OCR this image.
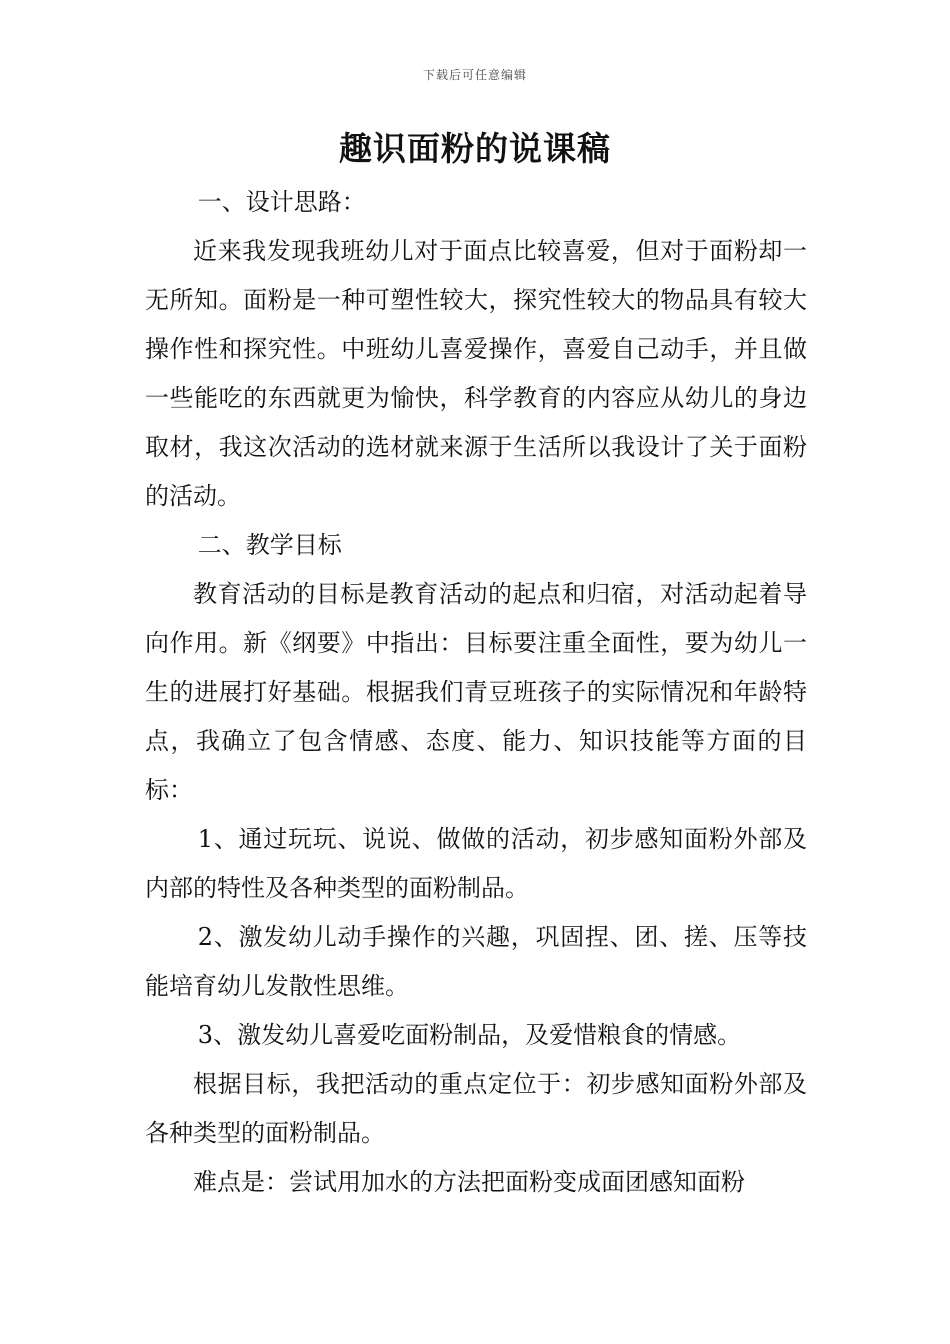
下载后可任意编辑
趣识面粉的说课稿

一、设计思路：

近来我发现我班幼儿对于面点比较喜爱，但对于面粉却一无所知。面粉是一种可塑性较大，探究性较大的物品具有较大操作性和探究性。中班幼儿喜爱操作，喜爱自己动手，并且做一些能吃的东西就更为愉快，科学教育的内容应从幼儿的身边取材，我这次活动的选材就来源于生活所以我设计了关于面粉的活动。

二、教学目标

教育活动的目标是教育活动的起点和归宿，对活动起着导向作用。新《纲要》中指出：目标要注重全面性，要为幼儿一生的进展打好基础。根据我们青豆班孩子的实际情况和年龄特点，我确立了包含情感、态度、能力、知识技能等方面的目标：

1、通过玩玩、说说、做做的活动，初步感知面粉外部及内部的特性及各种类型的面粉制品。

2、激发幼儿动手操作的兴趣，巩固捏、团、搓、压等技能培育幼儿发散性思维。

3、激发幼儿喜爱吃面粉制品，及爱惜粮食的情感。

根据目标，我把活动的重点定位于：初步感知面粉外部及各种类型的面粉制品。

难点是：尝试用加水的方法把面粉变成面团感知面粉
